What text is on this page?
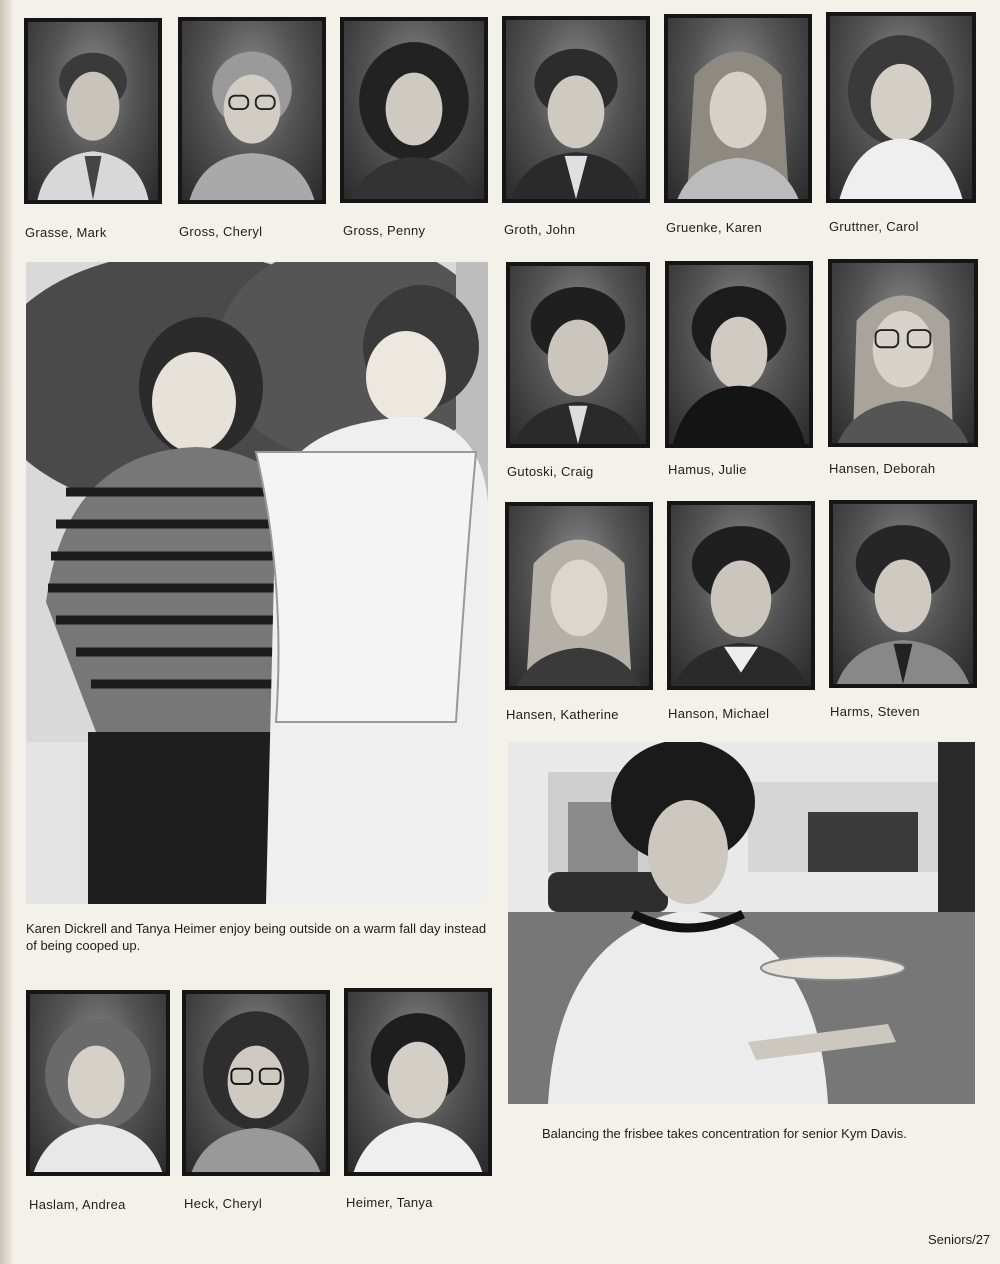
Grasse, Mark	Gross, Cheryl	Gross, Penny	Groth, John	Gruenke, Karen	Gruttner, Carol
Karen Dickrell and Tanya Heimer enjoy being outside on a warm fall day instead of being cooped up.
Gutoski, Craig	Hamus, Julie	Hansen, Deborah
Hansen, Katherine	Hanson, Michael	Harms, Steven
Balancing the frisbee takes concentration for senior Kym Davis.
Haslam, Andrea	Heck, Cheryl	Heimer, Tanya
Seniors/27
